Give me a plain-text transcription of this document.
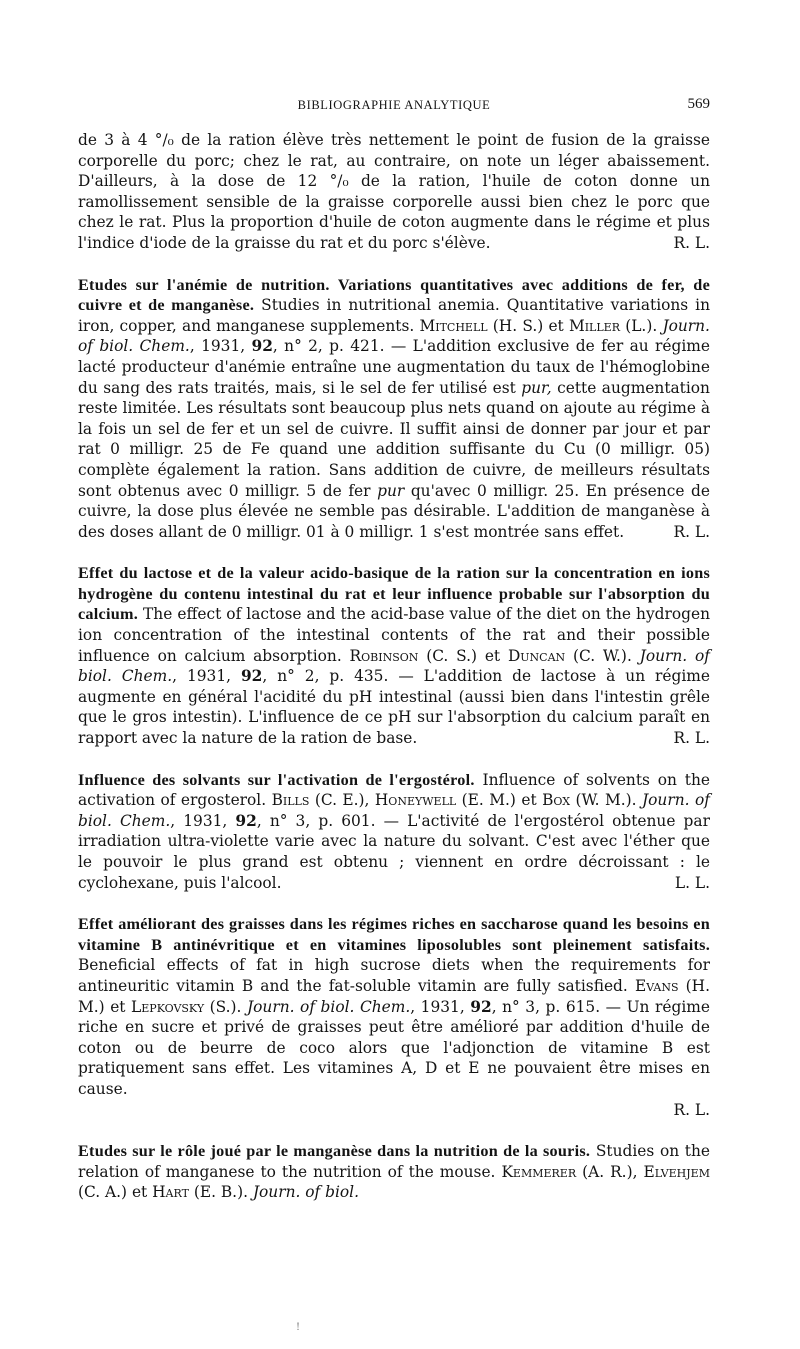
BIBLIOGRAPHIE ANALYTIQUE	569

de 3 à 4 °/₀ de la ration élève très nettement le point de fusion de la graisse corporelle du porc; chez le rat, au contraire, on note un léger abaissement. D'ailleurs, à la dose de 12 °/₀ de la ration, l'huile de coton donne un ramollissement sensible de la graisse corporelle aussi bien chez le porc que chez le rat. Plus la proportion d'huile de coton augmente dans le régime et plus l'indice d'iode de la graisse du rat et du porc s'élève.	R. L.

Etudes sur l'anémie de nutrition. Variations quantitatives avec additions de fer, de cuivre et de manganèse. Studies in nutritional anemia. Quantitative variations in iron, copper, and manganese supplements. Mitchell (H. S.) et Miller (L.). Journ. of biol. Chem., 1931, 92, n° 2, p. 421. — L'addition exclusive de fer au régime lacté producteur d'anémie entraîne une augmentation du taux de l'hémoglobine du sang des rats traités, mais, si le sel de fer utilisé est pur, cette augmentation reste limitée. Les résultats sont beaucoup plus nets quand on ajoute au régime à la fois un sel de fer et un sel de cuivre. Il suffit ainsi de donner par jour et par rat 0 milligr. 25 de Fe quand une addition suffisante du Cu (0 milligr. 05) complète également la ration. Sans addition de cuivre, de meilleurs résultats sont obtenus avec 0 milligr. 5 de fer pur qu'avec 0 milligr. 25. En présence de cuivre, la dose plus élevée ne semble pas désirable. L'addition de manganèse à des doses allant de 0 milligr. 01 à 0 milligr. 1 s'est montrée sans effet.	R. L.

Effet du lactose et de la valeur acido-basique de la ration sur la concentration en ions hydrogène du contenu intestinal du rat et leur influence probable sur l'absorption du calcium. The effect of lactose and the acid-base value of the diet on the hydrogen ion concentration of the intestinal contents of the rat and their possible influence on calcium absorption. Robinson (C. S.) et Duncan (C. W.). Journ. of biol. Chem., 1931, 92, n° 2, p. 435. — L'addition de lactose à un régime augmente en général l'acidité du pH intestinal (aussi bien dans l'intestin grêle que le gros intestin). L'influence de ce pH sur l'absorption du calcium paraît en rapport avec la nature de la ration de base.	R. L.

Influence des solvants sur l'activation de l'ergostérol. Influence of solvents on the activation of ergosterol. Bills (C. E.), Honeywell (E. M.) et Box (W. M.). Journ. of biol. Chem., 1931, 92, n° 3, p. 601. — L'activité de l'ergostérol obtenue par irradiation ultra-violette varie avec la nature du solvant. C'est avec l'éther que le pouvoir le plus grand est obtenu ; viennent en ordre décroissant : le cyclohexane, puis l'alcool.	L. L.

Effet améliorant des graisses dans les régimes riches en saccharose quand les besoins en vitamine B antinévritique et en vitamines liposolubles sont pleinement satisfaits. Beneficial effects of fat in high sucrose diets when the requirements for antineuritic vitamin B and the fat-soluble vitamin are fully satisfied. Evans (H. M.) et Lepkovsky (S.). Journ. of biol. Chem., 1931, 92, n° 3, p. 615. — Un régime riche en sucre et privé de graisses peut être amélioré par addition d'huile de coton ou de beurre de coco alors que l'adjonction de vitamine B est pratiquement sans effet. Les vitamines A, D et E ne pouvaient être mises en cause.

R. L.

Etudes sur le rôle joué par le manganèse dans la nutrition de la souris. Studies on the relation of manganese to the nutrition of the mouse. Kemmerer (A. R.), Elvehjem (C. A.) et Hart (E. B.). Journ. of biol.

!
